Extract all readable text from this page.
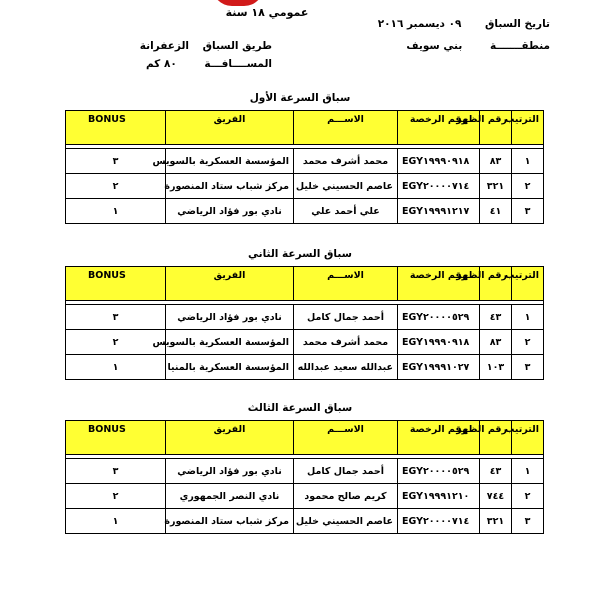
عمومي ١٨ سنة
تاريخ السباق ٠٩ ديسمبر ٢٠١٦
منطقـــــــة بني سويف
طريق السباق الزعفرانة
المســــافـــة ٨٠ كم
سباق السرعة الأول
الترتيب	رقم الظهر	رقم الرخصة	الاســـم	الفريق	BONUS

١	٨٣	EGY١٩٩٩٠٩١٨	محمد أشرف محمد	المؤسسة العسكرية بالسويس	٣
٢	٣٢١	EGY٢٠٠٠٠٧١٤	عاصم الحسيني خليل	مركز شباب ستاد المنصورة	٢
٣	٤١	EGY١٩٩٩١٢١٧	علي أحمد علي	نادي بور فؤاد الرياضي	١
سباق السرعة الثاني
الترتيب	رقم الظهر	رقم الرخصة	الاســـم	الفريق	BONUS

١	٤٣	EGY٢٠٠٠٠٥٢٩	أحمد جمال كامل	نادي بور فؤاد الرياضي	٣
٢	٨٣	EGY١٩٩٩٠٩١٨	محمد أشرف محمد	المؤسسة العسكرية بالسويس	٢
٣	١٠٣	EGY١٩٩٩١٠٢٧	عبدالله سعيد عبدالله	المؤسسة العسكرية بالمنيا	١
سباق السرعة الثالث
الترتيب	رقم الظهر	رقم الرخصة	الاســـم	الفريق	BONUS

١	٤٣	EGY٢٠٠٠٠٥٢٩	أحمد جمال كامل	نادي بور فؤاد الرياضي	٣
٢	٧٤٤	EGY١٩٩٩١٢١٠	كريم صالح محمود	نادي النصر الجمهوري	٢
٣	٣٢١	EGY٢٠٠٠٠٧١٤	عاصم الحسيني خليل	مركز شباب ستاد المنصورة	١
